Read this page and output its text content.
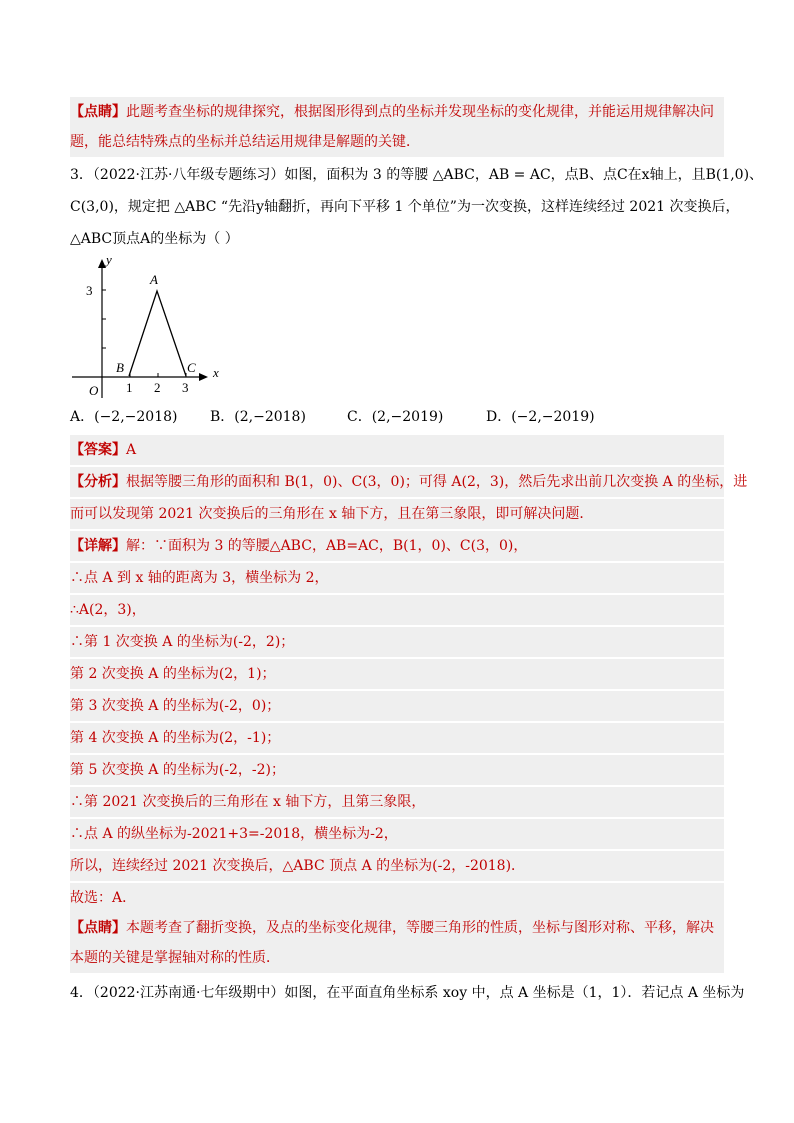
【点睛】此题考查坐标的规律探究，根据图形得到点的坐标并发现坐标的变化规律，并能运用规律解决问
题，能总结特殊点的坐标并总结运用规律是解题的关键．
3．（2022·江苏·八年级专题练习）如图，面积为 3 的等腰 △ABC，AB = AC，点B、点C在x轴上，且B(1,0)、
C(3,0)，规定把 △ABC “先沿y轴翻折，再向下平移 1 个单位”为一次变换，这样连续经过 2021 次变换后，
△ABC顶点A的坐标为（ ）
y
x
O
3
1 2 3
A
B	C
A．(−2,−2018) B．(2,−2018)	C．(2,−2019)	D．(−2,−2019)
【答案】A
【分析】根据等腰三角形的面积和 B(1，0)、C(3，0)；可得 A(2，3)，然后先求出前几次变换 A 的坐标，进
而可以发现第 2021 次变换后的三角形在 x 轴下方，且在第三象限，即可解决问题．
【详解】解：∵面积为 3 的等腰△ABC，AB=AC，B(1，0)、C(3，0)，
∴点 A 到 x 轴的距离为 3，横坐标为 2，
∴A(2，3)，
∴第 1 次变换 A 的坐标为(-2，2)；
第 2 次变换 A 的坐标为(2，1)；
第 3 次变换 A 的坐标为(-2，0)；
第 4 次变换 A 的坐标为(2，-1)；
第 5 次变换 A 的坐标为(-2，-2)；
∴第 2021 次变换后的三角形在 x 轴下方，且第三象限，
∴点 A 的纵坐标为-2021+3=-2018，横坐标为-2，
所以，连续经过 2021 次变换后，△ABC 顶点 A 的坐标为(-2，-2018)．
故选：A．
【点睛】本题考查了翻折变换，及点的坐标变化规律，等腰三角形的性质，坐标与图形对称、平移，解决
本题的关键是掌握轴对称的性质．
4．（2022·江苏南通·七年级期中）如图，在平面直角坐标系 xoy 中，点 A 坐标是（1，1）．若记点 A 坐标为
